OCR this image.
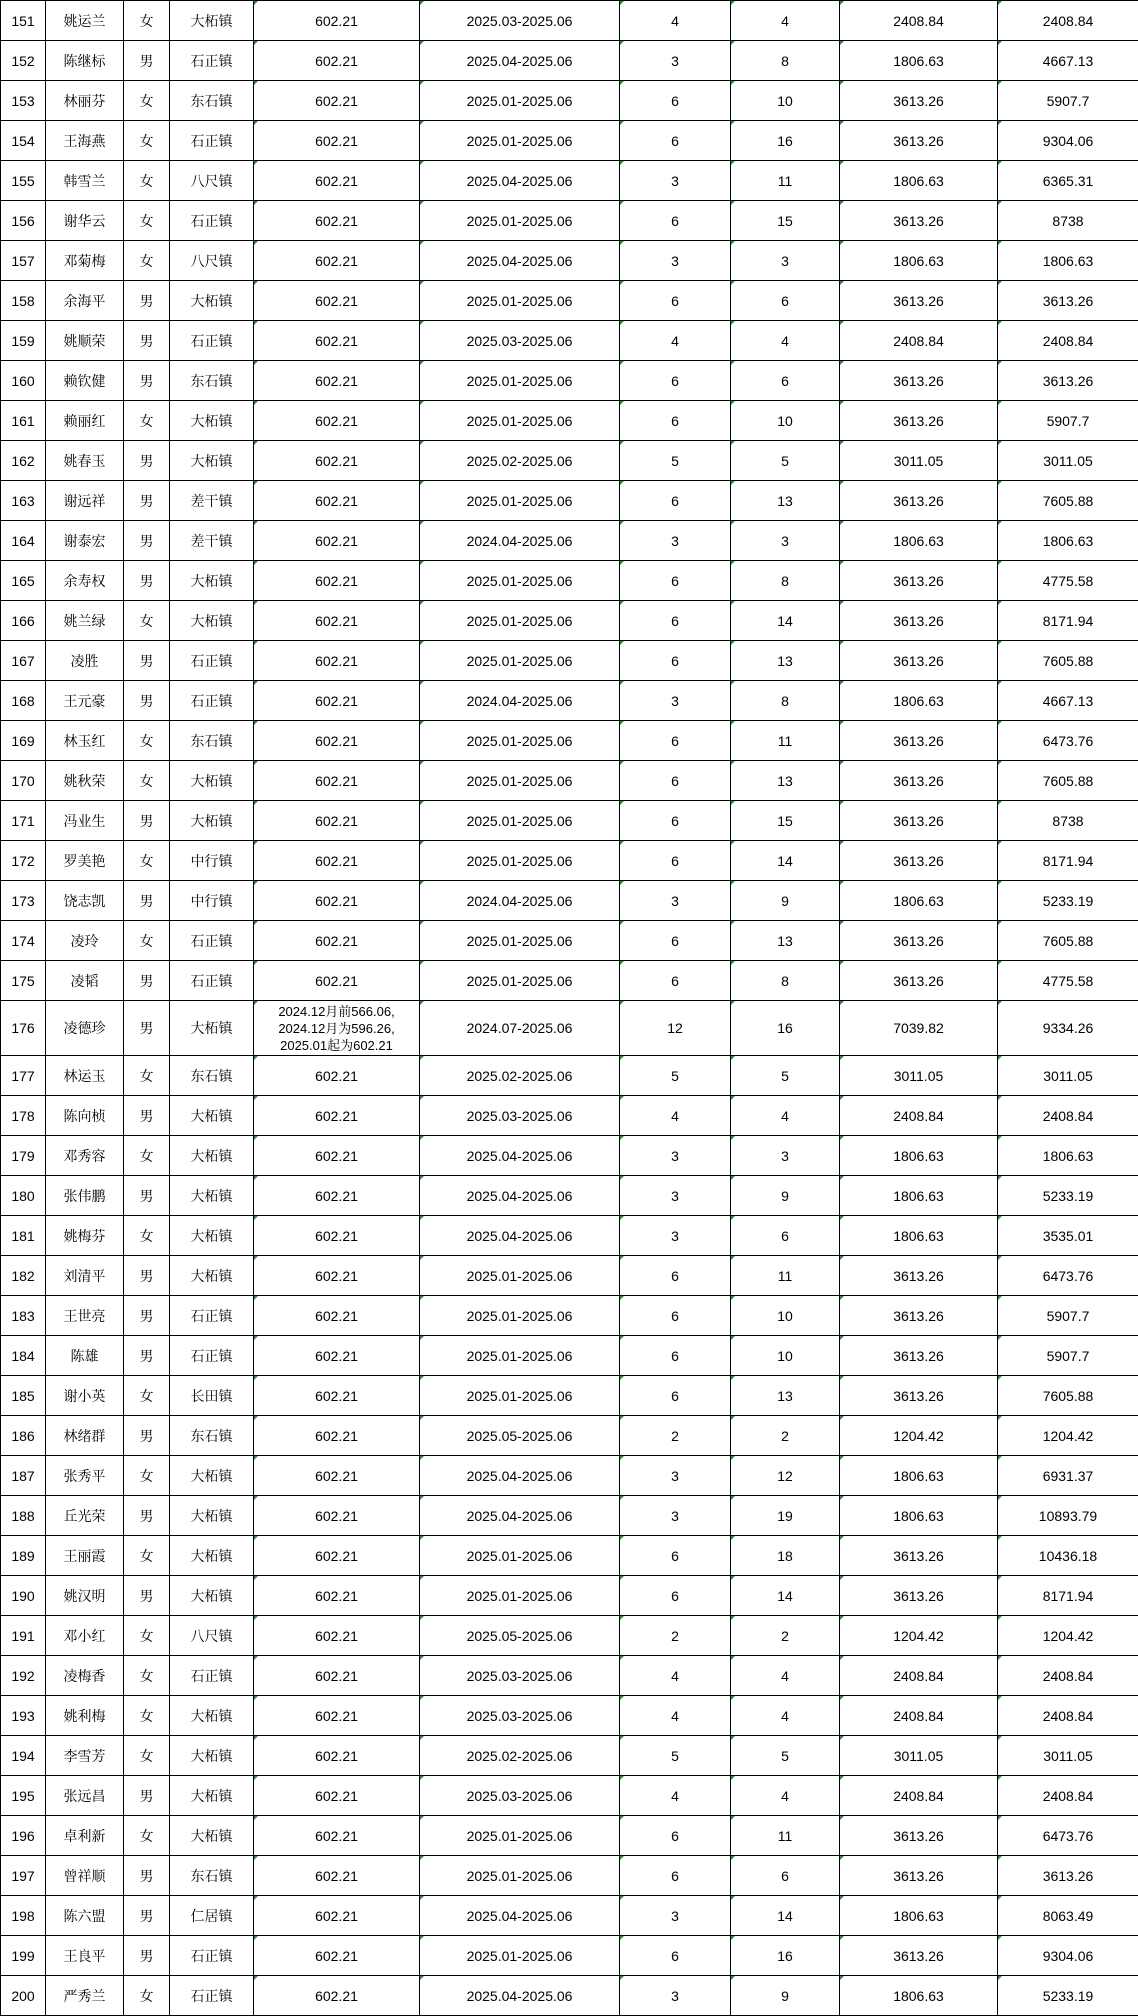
151	姚运兰	女	大柘镇	602.21	2025.03-2025.06	4	4	2408.84	2408.84
152	陈继标	男	石正镇	602.21	2025.04-2025.06	3	8	1806.63	4667.13
153	林丽芬	女	东石镇	602.21	2025.01-2025.06	6	10	3613.26	5907.7
154	王海燕	女	石正镇	602.21	2025.01-2025.06	6	16	3613.26	9304.06
155	韩雪兰	女	八尺镇	602.21	2025.04-2025.06	3	11	1806.63	6365.31
156	谢华云	女	石正镇	602.21	2025.01-2025.06	6	15	3613.26	8738
157	邓菊梅	女	八尺镇	602.21	2025.04-2025.06	3	3	1806.63	1806.63
158	余海平	男	大柘镇	602.21	2025.01-2025.06	6	6	3613.26	3613.26
159	姚顺荣	男	石正镇	602.21	2025.03-2025.06	4	4	2408.84	2408.84
160	赖钦健	男	东石镇	602.21	2025.01-2025.06	6	6	3613.26	3613.26
161	赖丽红	女	大柘镇	602.21	2025.01-2025.06	6	10	3613.26	5907.7
162	姚春玉	男	大柘镇	602.21	2025.02-2025.06	5	5	3011.05	3011.05
163	谢远祥	男	差干镇	602.21	2025.01-2025.06	6	13	3613.26	7605.88
164	谢泰宏	男	差干镇	602.21	2024.04-2025.06	3	3	1806.63	1806.63
165	余寿权	男	大柘镇	602.21	2025.01-2025.06	6	8	3613.26	4775.58
166	姚兰绿	女	大柘镇	602.21	2025.01-2025.06	6	14	3613.26	8171.94
167	凌胜	男	石正镇	602.21	2025.01-2025.06	6	13	3613.26	7605.88
168	王元豪	男	石正镇	602.21	2024.04-2025.06	3	8	1806.63	4667.13
169	林玉红	女	东石镇	602.21	2025.01-2025.06	6	11	3613.26	6473.76
170	姚秋荣	女	大柘镇	602.21	2025.01-2025.06	6	13	3613.26	7605.88
171	冯业生	男	大柘镇	602.21	2025.01-2025.06	6	15	3613.26	8738
172	罗美艳	女	中行镇	602.21	2025.01-2025.06	6	14	3613.26	8171.94
173	饶志凯	男	中行镇	602.21	2024.04-2025.06	3	9	1806.63	5233.19
174	凌玲	女	石正镇	602.21	2025.01-2025.06	6	13	3613.26	7605.88
175	凌韬	男	石正镇	602.21	2025.01-2025.06	6	8	3613.26	4775.58
176	凌德珍	男	大柘镇	2024.12月前566.06,
2024.12月为596.26,
2025.01起为602.21	2024.07-2025.06	12	16	7039.82	9334.26
177	林运玉	女	东石镇	602.21	2025.02-2025.06	5	5	3011.05	3011.05
178	陈向桢	男	大柘镇	602.21	2025.03-2025.06	4	4	2408.84	2408.84
179	邓秀容	女	大柘镇	602.21	2025.04-2025.06	3	3	1806.63	1806.63
180	张伟鹏	男	大柘镇	602.21	2025.04-2025.06	3	9	1806.63	5233.19
181	姚梅芬	女	大柘镇	602.21	2025.04-2025.06	3	6	1806.63	3535.01
182	刘清平	男	大柘镇	602.21	2025.01-2025.06	6	11	3613.26	6473.76
183	王世亮	男	石正镇	602.21	2025.01-2025.06	6	10	3613.26	5907.7
184	陈雄	男	石正镇	602.21	2025.01-2025.06	6	10	3613.26	5907.7
185	谢小英	女	长田镇	602.21	2025.01-2025.06	6	13	3613.26	7605.88
186	林绪群	男	东石镇	602.21	2025.05-2025.06	2	2	1204.42	1204.42
187	张秀平	女	大柘镇	602.21	2025.04-2025.06	3	12	1806.63	6931.37
188	丘光荣	男	大柘镇	602.21	2025.04-2025.06	3	19	1806.63	10893.79
189	王丽霞	女	大柘镇	602.21	2025.01-2025.06	6	18	3613.26	10436.18
190	姚汉明	男	大柘镇	602.21	2025.01-2025.06	6	14	3613.26	8171.94
191	邓小红	女	八尺镇	602.21	2025.05-2025.06	2	2	1204.42	1204.42
192	凌梅香	女	石正镇	602.21	2025.03-2025.06	4	4	2408.84	2408.84
193	姚利梅	女	大柘镇	602.21	2025.03-2025.06	4	4	2408.84	2408.84
194	李雪芳	女	大柘镇	602.21	2025.02-2025.06	5	5	3011.05	3011.05
195	张远昌	男	大柘镇	602.21	2025.03-2025.06	4	4	2408.84	2408.84
196	卓利新	女	大柘镇	602.21	2025.01-2025.06	6	11	3613.26	6473.76
197	曾祥顺	男	东石镇	602.21	2025.01-2025.06	6	6	3613.26	3613.26
198	陈六盟	男	仁居镇	602.21	2025.04-2025.06	3	14	1806.63	8063.49
199	王良平	男	石正镇	602.21	2025.01-2025.06	6	16	3613.26	9304.06
200	严秀兰	女	石正镇	602.21	2025.04-2025.06	3	9	1806.63	5233.19
